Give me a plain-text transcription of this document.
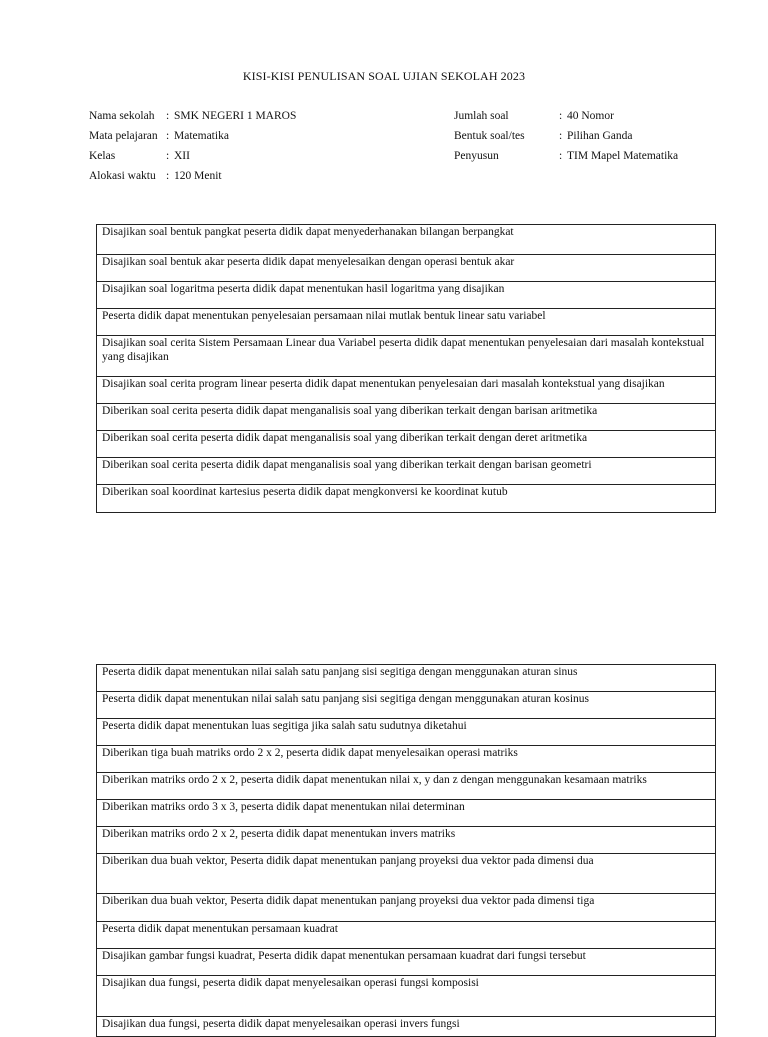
KISI-KISI PENULISAN SOAL UJIAN SEKOLAH 2023
Nama sekolah	: SMK NEGERI 1 MAROS
Mata pelajaran : Matematika
Kelas	: XII
Alokasi waktu : 120 Menit
Jumlah soal	: 40 Nomor
Bentuk soal/tes	: Pilihan Ganda
Penyusun	: TIM Mapel Matematika
Disajikan soal bentuk pangkat peserta didik dapat menyederhanakan bilangan berpangkat
Disajikan soal bentuk akar peserta didik dapat menyelesaikan dengan operasi bentuk akar
Disajikan soal logaritma peserta didik dapat menentukan hasil logaritma yang disajikan
Peserta didik dapat menentukan penyelesaian persamaan nilai mutlak bentuk linear satu variabel
Disajikan soal cerita Sistem Persamaan Linear dua Variabel peserta didik dapat menentukan penyelesaian dari masalah kontekstual yang disajikan
Disajikan soal cerita program linear peserta didik dapat menentukan penyelesaian dari masalah kontekstual yang disajikan
Diberikan soal cerita peserta didik dapat menganalisis soal yang diberikan terkait dengan barisan aritmetika
Diberikan soal cerita peserta didik dapat menganalisis soal yang diberikan terkait dengan deret aritmetika
Diberikan soal cerita peserta didik dapat menganalisis soal yang diberikan terkait dengan barisan geometri
Diberikan soal koordinat kartesius peserta didik dapat mengkonversi ke koordinat kutub
Peserta didik dapat menentukan nilai salah satu panjang sisi segitiga dengan menggunakan aturan sinus
Peserta didik dapat menentukan nilai salah satu panjang sisi segitiga dengan menggunakan aturan kosinus
Peserta didik dapat menentukan luas segitiga jika salah satu sudutnya diketahui
Diberikan tiga buah matriks ordo 2 x 2, peserta didik dapat menyelesaikan operasi matriks
Diberikan matriks ordo 2 x 2, peserta didik dapat menentukan nilai x, y dan z dengan menggunakan kesamaan matriks
Diberikan matriks ordo 3 x 3, peserta didik dapat menentukan nilai determinan
Diberikan matriks ordo 2 x 2, peserta didik dapat menentukan invers matriks
Diberikan dua buah vektor, Peserta didik dapat menentukan panjang proyeksi dua vektor pada dimensi dua
Diberikan dua buah vektor, Peserta didik dapat menentukan panjang proyeksi dua vektor pada dimensi tiga
Peserta didik dapat menentukan persamaan kuadrat
Disajikan gambar fungsi kuadrat, Peserta didik dapat menentukan persamaan kuadrat dari fungsi tersebut
Disajikan dua fungsi, peserta didik dapat menyelesaikan operasi fungsi komposisi
Disajikan dua fungsi, peserta didik dapat menyelesaikan operasi invers fungsi
